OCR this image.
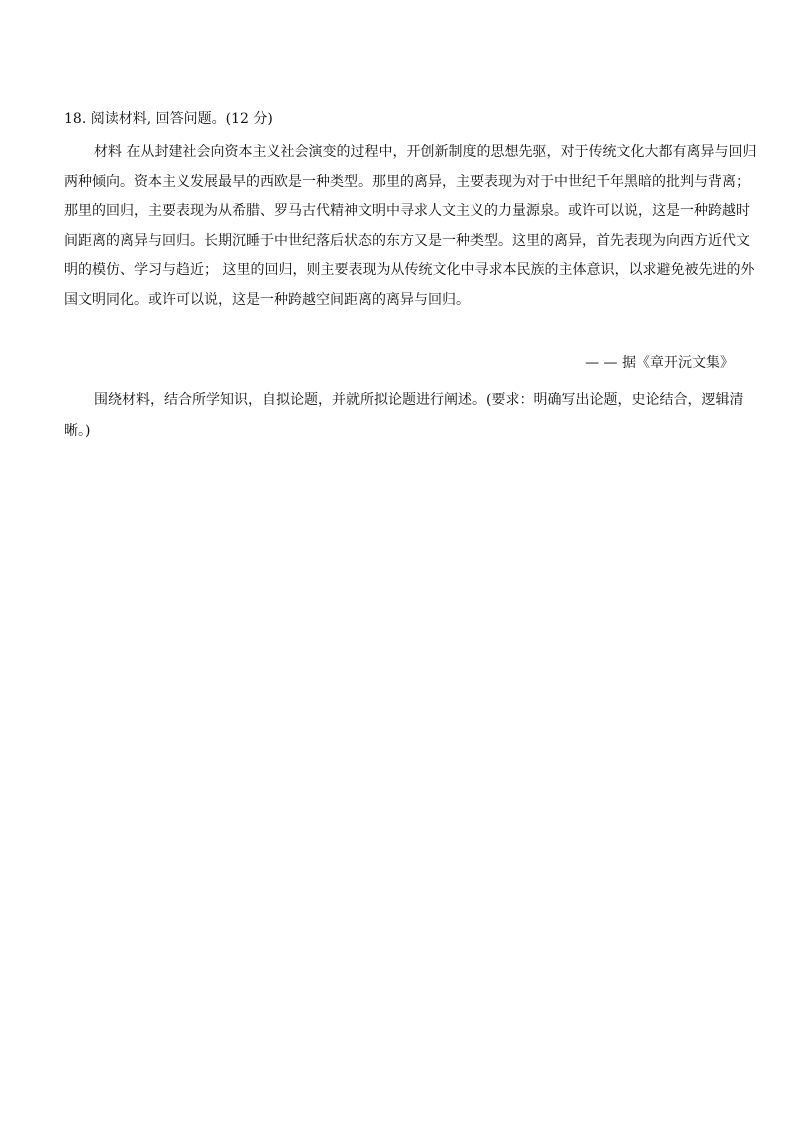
18. 阅读材料, 回答问题。(12 分)
材料 在从封建社会向资本主义社会演变的过程中，开创新制度的思想先驱，对于传统文化大都有离异与回归
两种倾向。资本主义发展最早的西欧是一种类型。那里的离异，主要表现为对于中世纪千年黑暗的批判与背离；
那里的回归，主要表现为从希腊、罗马古代精神文明中寻求人文主义的力量源泉。或许可以说，这是一种跨越时
间距离的离异与回归。长期沉睡于中世纪落后状态的东方又是一种类型。这里的离异，首先表现为向西方近代文
明的模仿、学习与趋近； 这里的回归，则主要表现为从传统文化中寻求本民族的主体意识，以求避免被先进的外
国文明同化。或许可以说，这是一种跨越空间距离的离异与回归。
— — 据《章开沅文集》
围绕材料，结合所学知识，自拟论题，并就所拟论题进行阐述。(要求：明确写出论题，史论结合，逻辑清
晰。)
